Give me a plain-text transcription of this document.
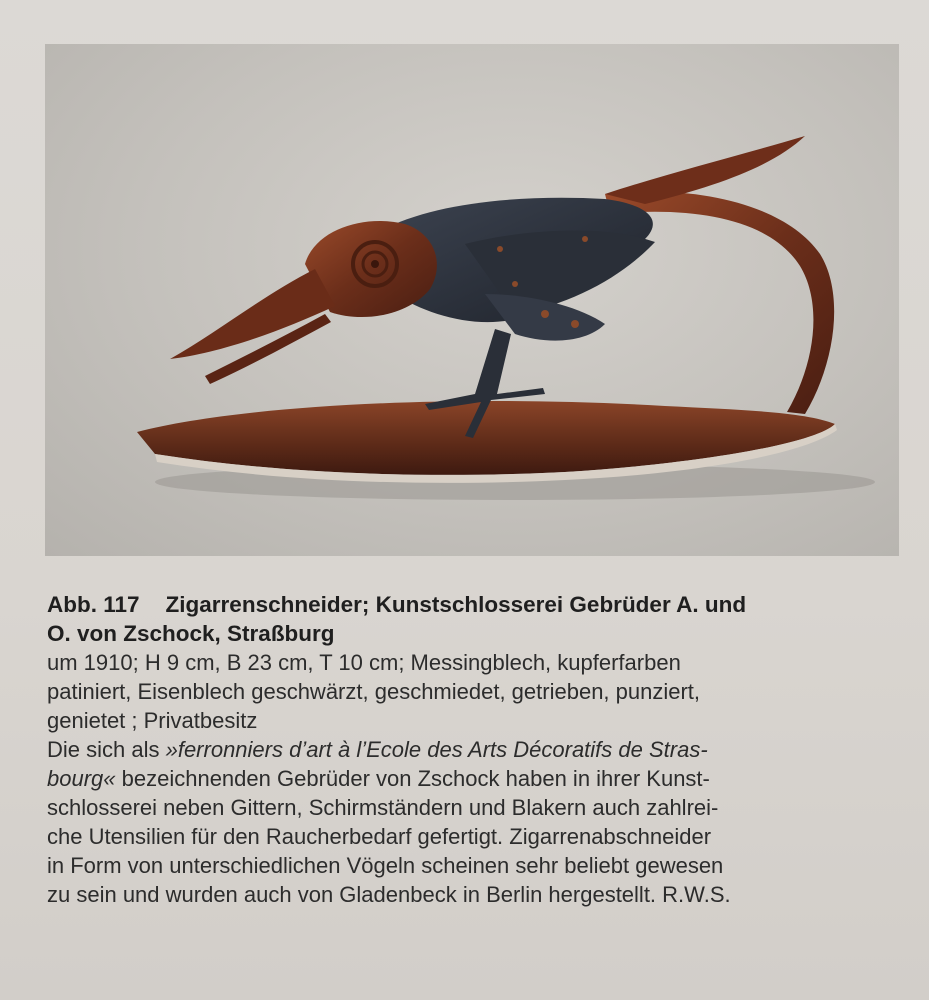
Abb. 117 Zigarrenschneider; Kunstschlosserei Gebrüder A. und
O. von Zschock, Straßburg

um 1910; H 9 cm, B 23 cm, T 10 cm; Messingblech, kupferfarben
patiniert, Eisenblech geschwärzt, geschmiedet, getrieben, punziert,
genietet ; Privatbesitz

Die sich als »ferronniers d’art à l’Ecole des Arts Décoratifs de Stras-
bourg« bezeichnenden Gebrüder von Zschock haben in ihrer Kunst-
schlosserei neben Gittern, Schirmständern und Blakern auch zahlrei-
che Utensilien für den Raucherbedarf gefertigt. Zigarrenabschneider
in Form von unterschiedlichen Vögeln scheinen sehr beliebt gewesen
zu sein und wurden auch von Gladenbeck in Berlin hergestellt. R.W.S.
